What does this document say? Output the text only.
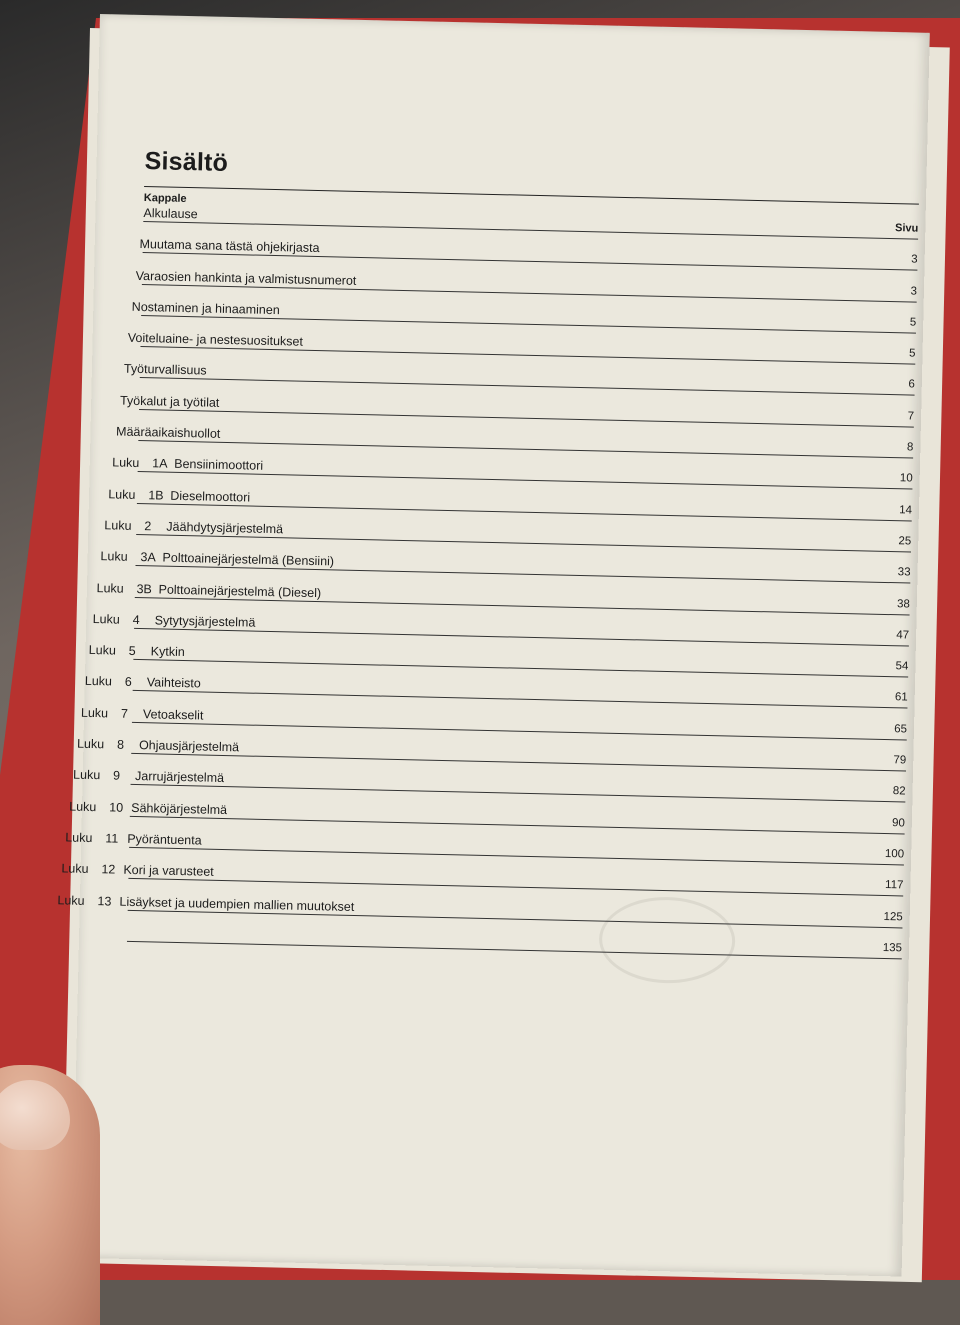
Sisältö
Kappale
Sivu
Alkulause
3
Muutama sana tästä ohjekirjasta
3
Varaosien hankinta ja valmistusnumerot
5
Nostaminen ja hinaaminen
5
Voiteluaine- ja nestesuositukset
6
Työturvallisuus
7
Työkalut ja työtilat
8
Määräaikaishuollot
10
Luku 1A Bensiinimoottori
14
Luku 1B Dieselmoottori
25
Luku 2 Jäähdytysjärjestelmä
33
Luku 3A Polttoainejärjestelmä (Bensiini)
38
Luku 3B Polttoainejärjestelmä (Diesel)
47
Luku 4 Sytytysjärjestelmä
54
Luku 5 Kytkin
61
Luku 6 Vaihteisto
65
Luku 7 Vetoakselit
79
Luku 8 Ohjausjärjestelmä
82
Luku 9 Jarrujärjestelmä
90
Luku 10 Sähköjärjestelmä
100
Luku 11 Pyöräntuenta
117
Luku 12 Kori ja varusteet
125
Luku 13 Lisäykset ja uudempien mallien muutokset
135
